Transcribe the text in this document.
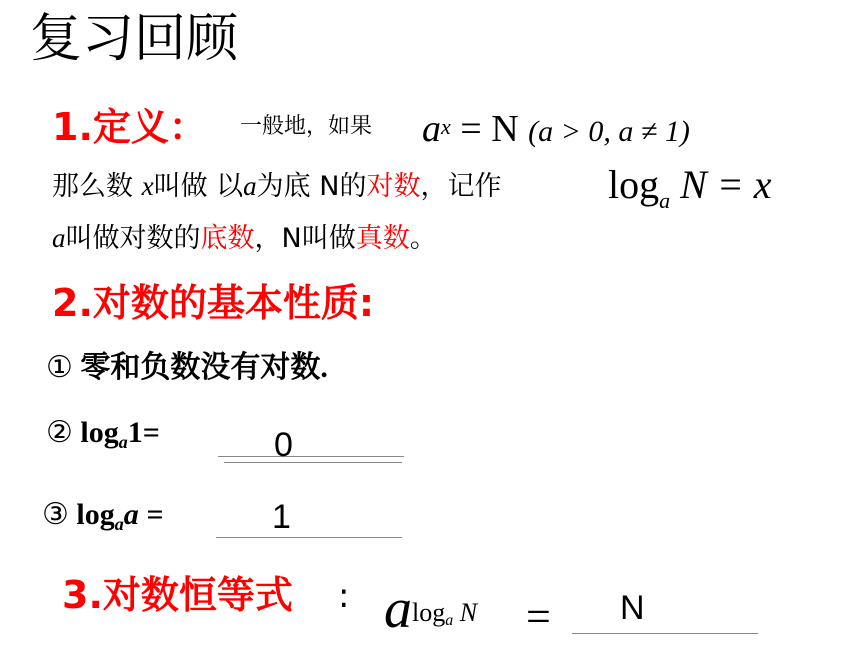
复习回顾
1.定义： 一般地，如果 $a^x = N$ (a > 0, a ≠ 1)
那么数 x叫做 以a为底 N的对数，记作	$\log_a N = x$
a叫做对数的底数，N叫做真数。
2.对数的基本性质:
① 零和负数没有对数.
② $\log_a1=$	0
③ $\log_aa$ =	1
3.对数恒等式 : $a^{log_a N} = N$
